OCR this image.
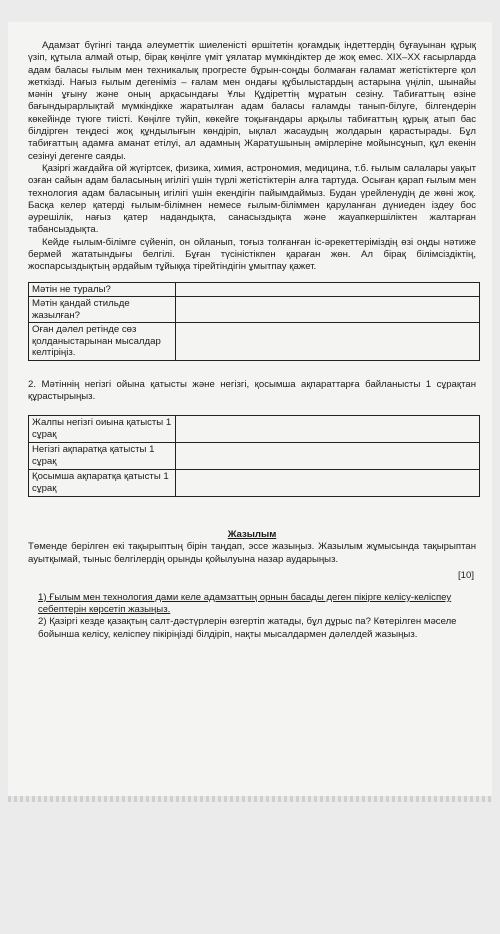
Адамзат бүгінгі таңда әлеуметтік шиеленісті өршітетін қоғамдық індеттердің бұғауынан құрық үзіп, құтыла алмай отыр, бірақ көңілге үміт ұялатар мүмкіндіктер де жоқ емес. XIX–XX ғасырларда адам баласы ғылым мен техникалық прогресте бұрын-соңды болмаған ғаламат жетістіктерге қол жеткізді. Нағыз ғылым дегеніміз – ғалам мен ондағы құбылыстардың астарына үңіліп, шынайы мәнін ұғыну және оның арқасындағы Ұлы Құдіреттің мұратын сезіну. Табиғаттың өзіне бағындырарлықтай мүмкіндікке жаратылған адам баласы ғаламды танып-білуге, білгендерін көкейінде түюге тиісті. Көңілге түйіп, көкейге тоқығандары арқылы табиғаттың құрық атып бас білдірген теңдесі жоқ құндылығын көндіріп, ықлал жасаудың жолдарын қарастырады. Бұл табиғаттың адамға аманат етілуі, ал адамның Жаратушының әмірлеріне мойынсұнып, құл екенін сезінуі дегенге саяды.

Қазіргі жағдайға ой жүгіртсек, физика, химия, астрономия, медицина, т.б. ғылым салалары уақыт озған сайын адам баласының игілігі үшін түрлі жетістіктерін алға тартуда. Осыған қарап ғылым мен технология адам баласының игілігі үшін екендігін пайымдаймыз. Будан үрейленудің де жөні жоқ. Басқа келер қатерді ғылым-білімнен немесе ғылым-біліммен қаруланған дүниеден іздеу бос әурешілік, нағыз қатер надандықта, санасыздықта және жауапкершіліктен жалтарған табансыздықта.

Кейде ғылым-білімге сүйеніп, он ойланып, тоғыз толғанған іс-әрекеттеріміздің өзі оңды нәтиже бермей жататындығы белгілі. Бұған түсіністікпен қараған жөн. Ал бірақ білімсіздіктің, жоспарсыздықтың әрдайым тұйыққа тірейтіндігін ұмытпау қажет.

Мәтін не туралы?	
Мәтін қандай стильде жазылған?	
Оған дәлел ретінде сөз қолданыстарынан мысалдар келтіріңіз.	

2. Мәтіннің негізгі ойына қатысты және негізгі, қосымша ақпараттарға байланысты 1 сұрақтан құрастырыңыз.

Жалпы негізгі оиына қатысты 1 сұрақ	
Негізгі ақпаратқа қатысты 1 сұрақ	
Қосымша ақпаратқа қатысты 1 сұрақ	
Жазылым

Төменде берілген екі тақырыптың бірін таңдап, эссе жазыңыз. Жазылым жұмысында тақырыптан ауытқымай, тыныс белгілердің орынды қойылуына назар аударыңыз.

[10]
1) Ғылым мен технология дами келе адамзаттың орнын басады деген пікірге келісу-келіспеу себептерін көрсетіп жазыңыз.
2) Қазіргі кезде қазақтың салт-дәстүрлерін өзгертіп жатады, бұл дұрыс па? Көтерілген мәселе бойынша келісу, келіспеу пікіріңізді білдіріп, нақты мысалдармен дәлелдей жазыңыз.
